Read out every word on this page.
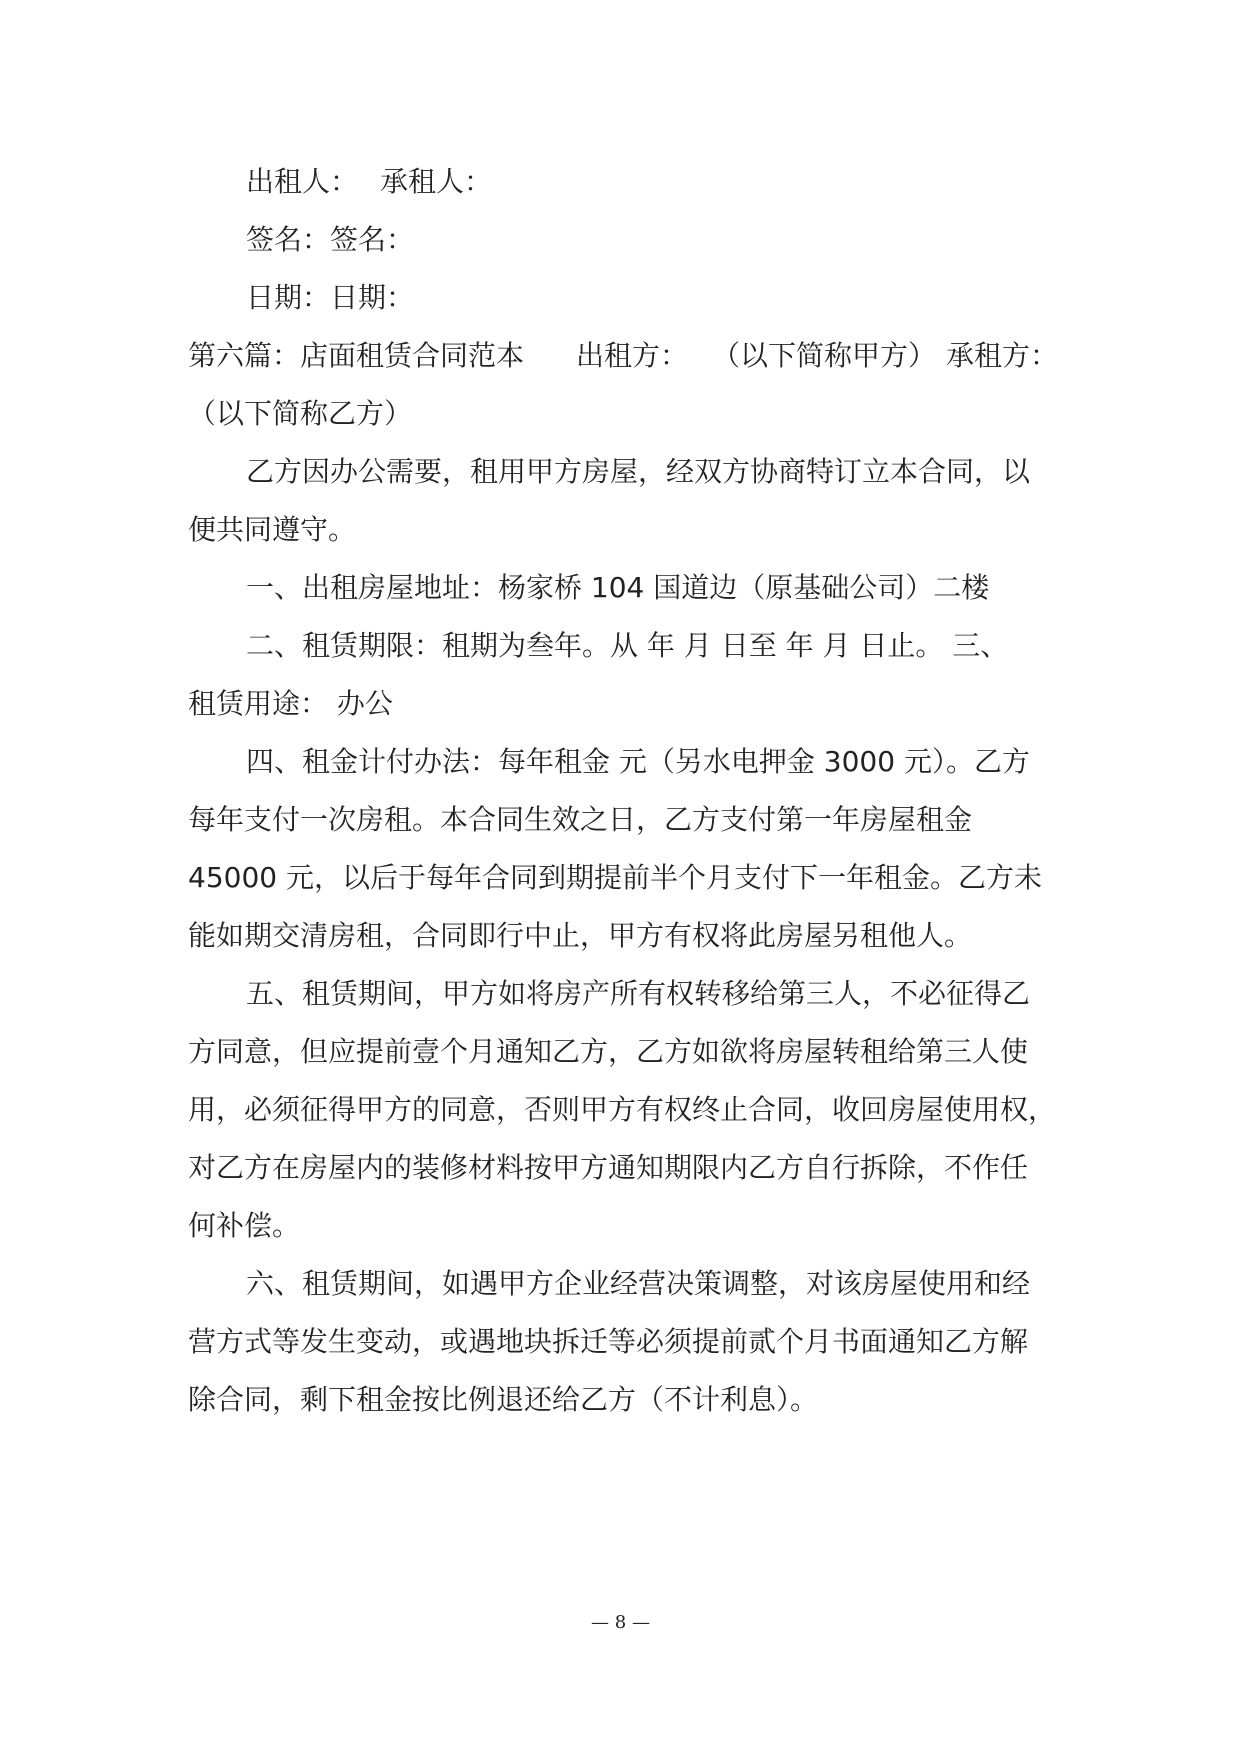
出租人： 承租人：
签名：签名：
日期：日期：
第六篇：店面租赁合同范本 出租方： （以下简称甲方） 承租方：
（以下简称乙方）
乙方因办公需要，租用甲方房屋，经双方协商特订立本合同，以
便共同遵守。
一、出租房屋地址：杨家桥 104 国道边（原基础公司）二楼
二、租赁期限：租期为叁年。从 年 月 日至 年 月 日止。 三、
租赁用途： 办公
四、租金计付办法：每年租金 元（另水电押金 3000 元）。乙方
每年支付一次房租。本合同生效之日，乙方支付第一年房屋租金
45000 元，以后于每年合同到期提前半个月支付下一年租金。乙方未
能如期交清房租，合同即行中止，甲方有权将此房屋另租他人。
五、租赁期间，甲方如将房产所有权转移给第三人，不必征得乙
方同意，但应提前壹个月通知乙方，乙方如欲将房屋转租给第三人使
用，必须征得甲方的同意，否则甲方有权终止合同，收回房屋使用权，
对乙方在房屋内的装修材料按甲方通知期限内乙方自行拆除，不作任
何补偿。
六、租赁期间，如遇甲方企业经营决策调整，对该房屋使用和经
营方式等发生变动，或遇地块拆迁等必须提前贰个月书面通知乙方解
除合同，剩下租金按比例退还给乙方（不计利息）。
— 8 —
